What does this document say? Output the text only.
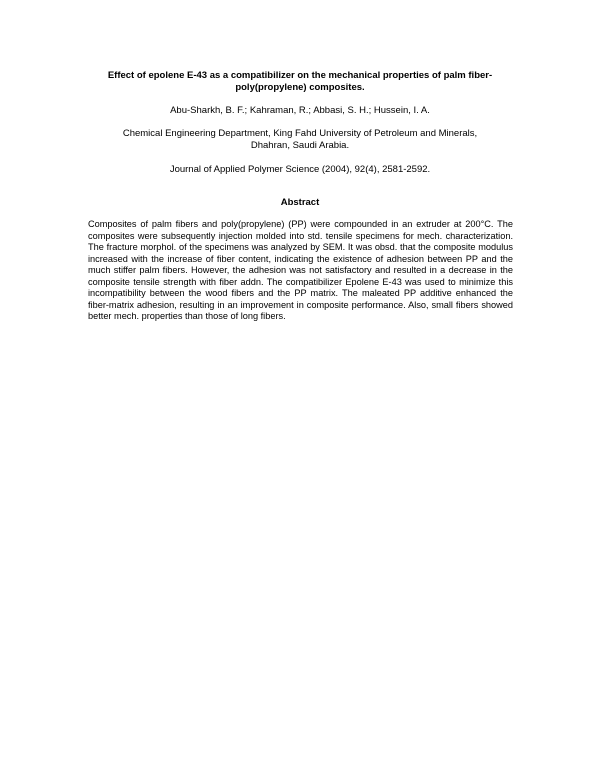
Effect of epolene E-43 as a compatibilizer on the mechanical properties of palm fiber-poly(propylene) composites.
Abu-Sharkh, B. F.; Kahraman, R.; Abbasi, S. H.; Hussein, I. A.
Chemical Engineering Department, King Fahd University of Petroleum and Minerals, Dhahran, Saudi Arabia.
Journal of Applied Polymer Science (2004), 92(4), 2581-2592.
Abstract
Composites of palm fibers and poly(propylene) (PP) were compounded in an extruder at 200°C. The composites were subsequently injection molded into std. tensile specimens for mech. characterization. The fracture morphol. of the specimens was analyzed by SEM. It was obsd. that the composite modulus increased with the increase of fiber content, indicating the existence of adhesion between PP and the much stiffer palm fibers. However, the adhesion was not satisfactory and resulted in a decrease in the composite tensile strength with fiber addn. The compatibilizer Epolene E-43 was used to minimize this incompatibility between the wood fibers and the PP matrix. The maleated PP additive enhanced the fiber-matrix adhesion, resulting in an improvement in composite performance. Also, small fibers showed better mech. properties than those of long fibers.
